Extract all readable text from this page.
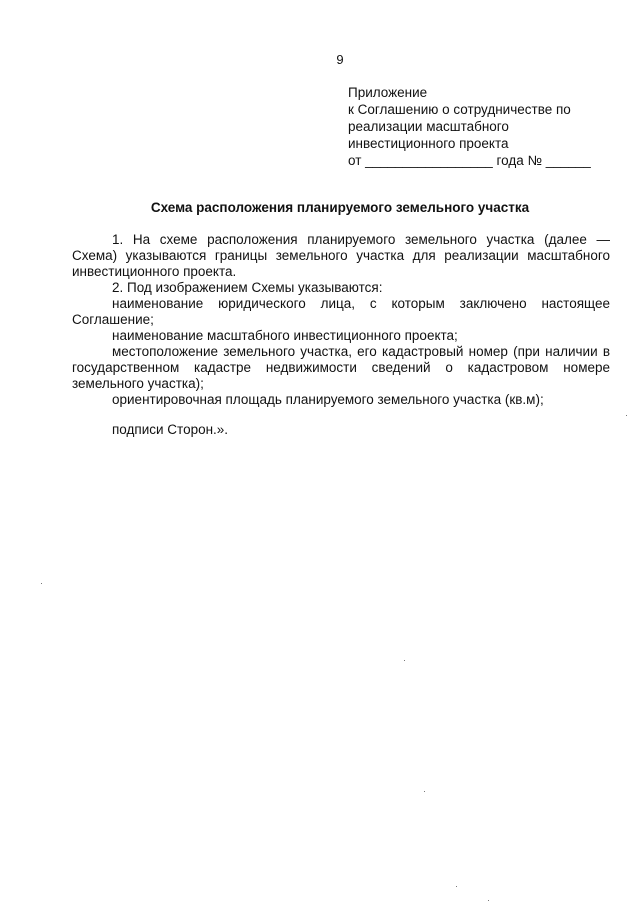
9
Приложение
к Соглашению о сотрудничестве по
реализации масштабного
инвестиционного проекта
от _________________ года № ______
Схема расположения планируемого земельного участка

1. На схеме расположения планируемого земельного участка (далее — Схема) указываются границы земельного участка для реализации масштабного инвестиционного проекта.

2. Под изображением Схемы указываются:

наименование юридического лица, с которым заключено настоящее Соглашение;

наименование масштабного инвестиционного проекта;

местоположение земельного участка, его кадастровый номер (при наличии в государственном кадастре недвижимости сведений о кадастровом номере земельного участка);

ориентировочная площадь планируемого земельного участка (кв.м);

подписи Сторон.».
